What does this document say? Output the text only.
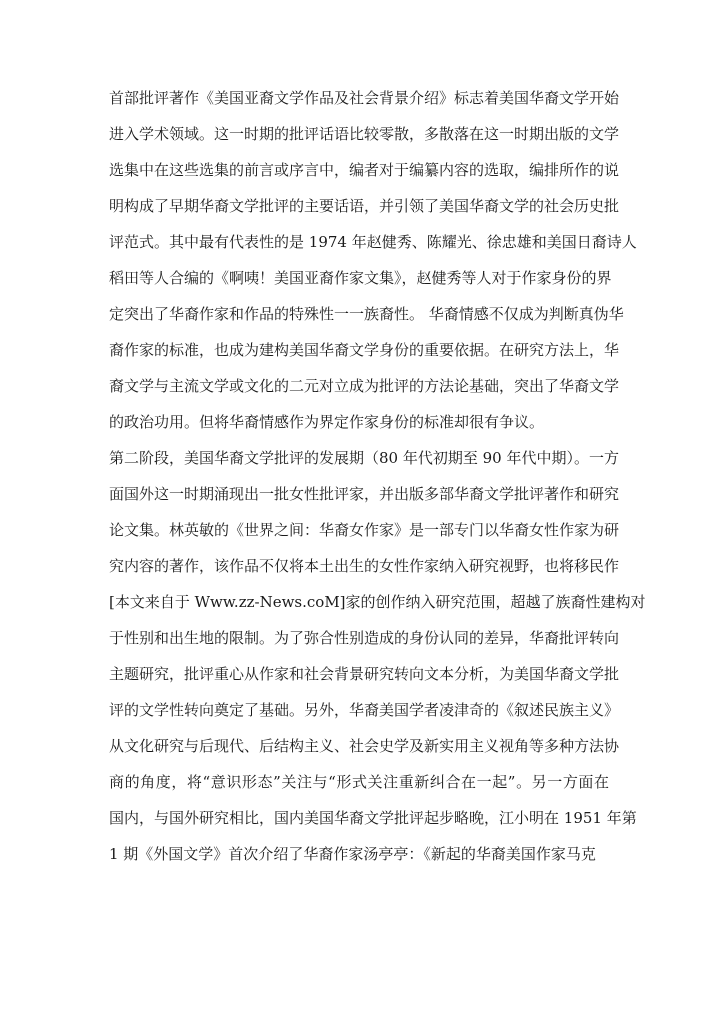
首部批评著作《美国亚裔文学作品及社会背景介绍》标志着美国华裔文学开始
进入学术领域。这一时期的批评话语比较零散，多散落在这一时期出版的文学
选集中在这些选集的前言或序言中，编者对于编纂内容的选取，编排所作的说
明构成了早期华裔文学批评的主要话语，并引领了美国华裔文学的社会历史批
评范式。其中最有代表性的是 1974 年赵健秀、陈耀光、徐忠雄和美国日裔诗人
稻田等人合编的《啊咦！美国亚裔作家文集》，赵健秀等人对于作家身份的界
定突出了华裔作家和作品的特殊性一一族裔性。 华裔情感不仅成为判断真伪华
裔作家的标准，也成为建构美国华裔文学身份的重要依据。在研究方法上，华
裔文学与主流文学或文化的二元对立成为批评的方法论基础，突出了华裔文学
的政治功用。但将华裔情感作为界定作家身份的标准却很有争议。
第二阶段，美国华裔文学批评的发展期（80 年代初期至 90 年代中期）。一方
面国外这一时期涌现出一批女性批评家，并出版多部华裔文学批评著作和研究
论文集。林英敏的《世界之间：华裔女作家》是一部专门以华裔女性作家为研
究内容的著作，该作品不仅将本土出生的女性作家纳入研究视野，也将移民作
[本文来自于 Www.zz-News.coM]家的创作纳入研究范围，超越了族裔性建构对
于性别和出生地的限制。为了弥合性别造成的身份认同的差异，华裔批评转向
主题研究，批评重心从作家和社会背景研究转向文本分析，为美国华裔文学批
评的文学性转向奠定了基础。另外，华裔美国学者凌津奇的《叙述民族主义》
从文化研究与后现代、后结构主义、社会史学及新实用主义视角等多种方法协
商的角度，将“意识形态”关注与“形式关注重新纠合在一起”。另一方面在
国内，与国外研究相比，国内美国华裔文学批评起步略晚，江小明在 1951 年第
1 期《外国文学》首次介绍了华裔作家汤亭亭：《新起的华裔美国作家马克
